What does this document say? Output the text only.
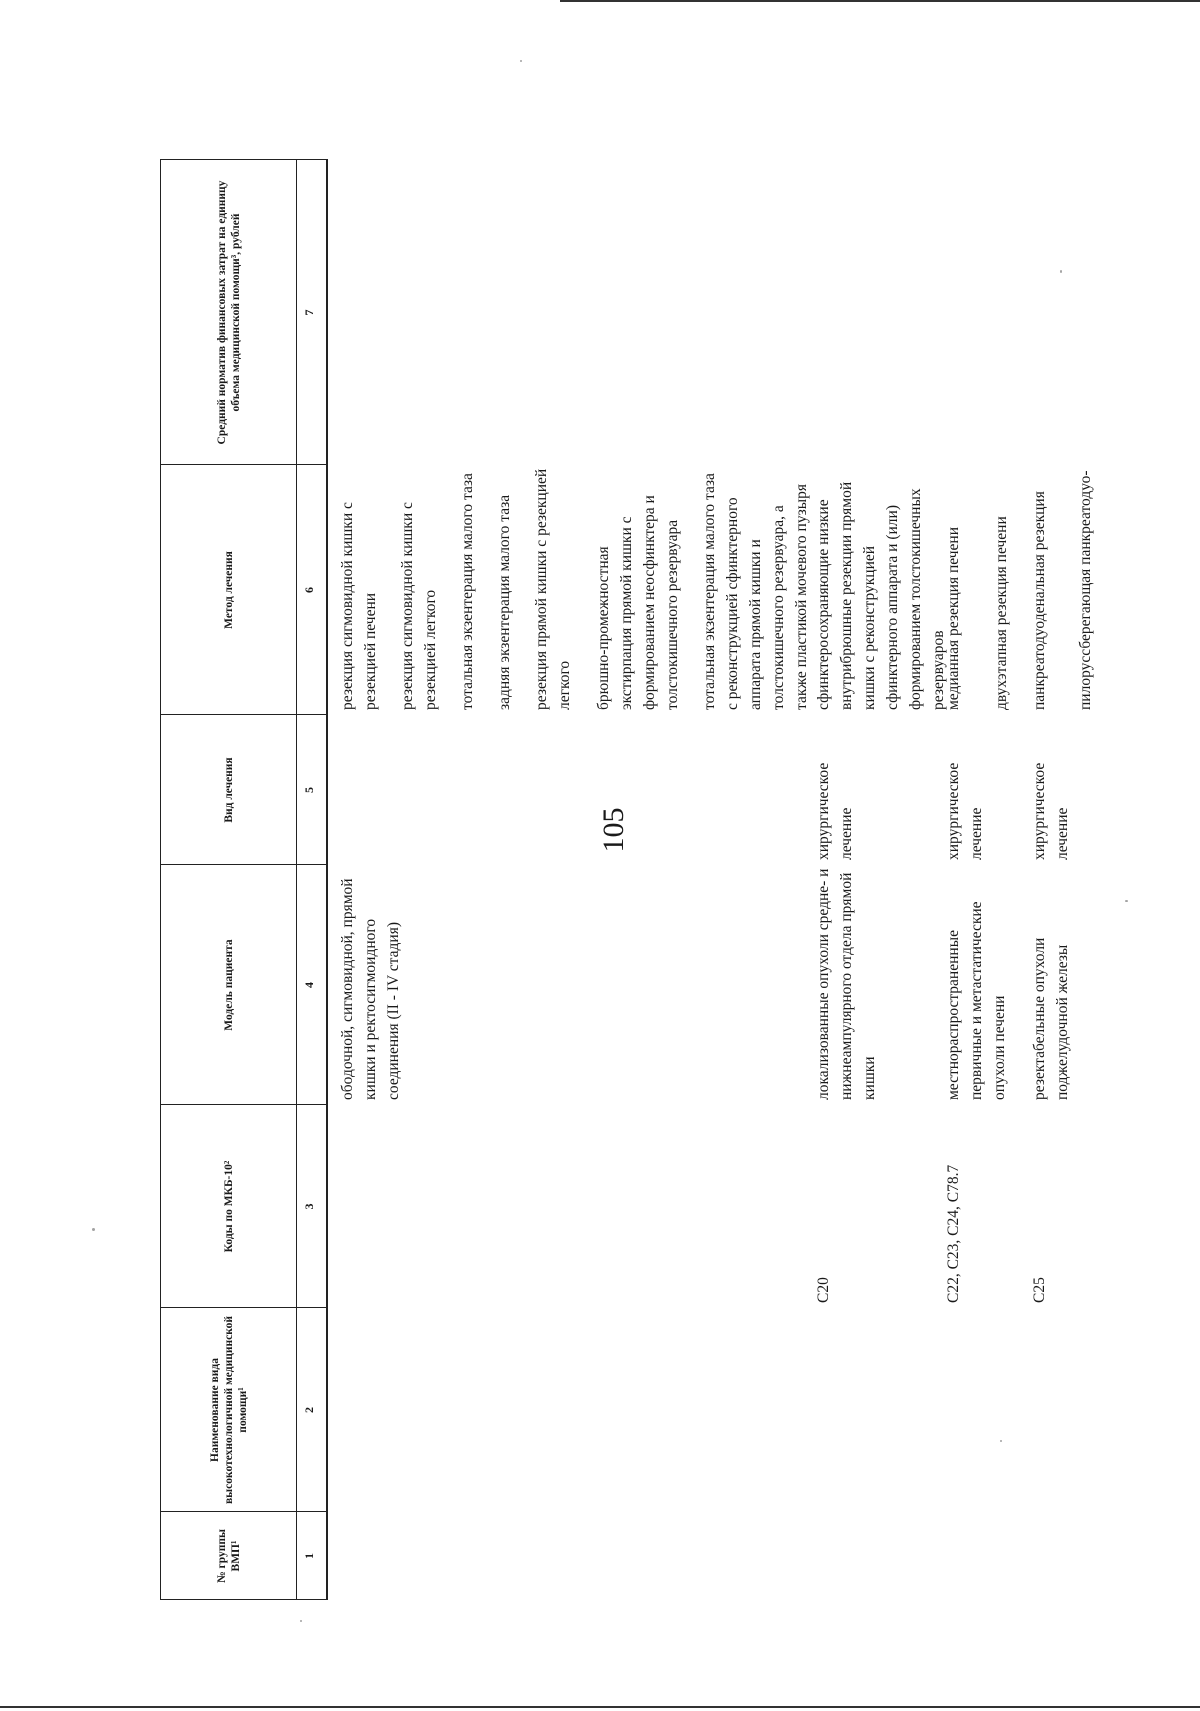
105
№ группы ВМП¹
Наименование вида высокотехнологичной медицинской помощи¹
Коды по МКБ-10²
Модель пациента
Вид лечения
Метод лечения
Средний норматив финансовых затрат на единицу объема медицинской помощи³, рублей
1
2
3
4
5
6
7

ободочной, сигмовидной, прямой кишки и ректосигмоидного соединения (II - IV стадия)

резекция сигмовидной кишки с резекцией печени резекция сигмовидной кишки с резекцией легкого тотальная экзентерация малого таза задняя экзентерация малого таза резекция прямой кишки с резекцией легкого брюшно-промежностная экстирпация прямой кишки с формированием неосфинктера и толстокишечного резервуара тотальная экзентерация малого таза с реконструкцией сфинктерного аппарата прямой кишки и толстокишечного резервуара, а также пластикой мочевого пузыря

C20

локализованные опухоли средне- и нижнеампулярного отдела прямой кишки

хирургическое лечение

сфинктеросохраняющие низкие внутрибрюшные резекции прямой кишки с реконструкцией сфинктерного аппарата и (или) формированием толстокишечных резервуаров

C22, C23, C24, C78.7

местнораспространенные первичные и метастатические опухоли печени

хирургическое лечение

медианная резекция печени двухэтапная резекция печени

C25

резектабельные опухоли поджелудочной железы

хирургическое лечение

панкреатодуоденальная резекция пилоруссберегающая панкреатодуо-
